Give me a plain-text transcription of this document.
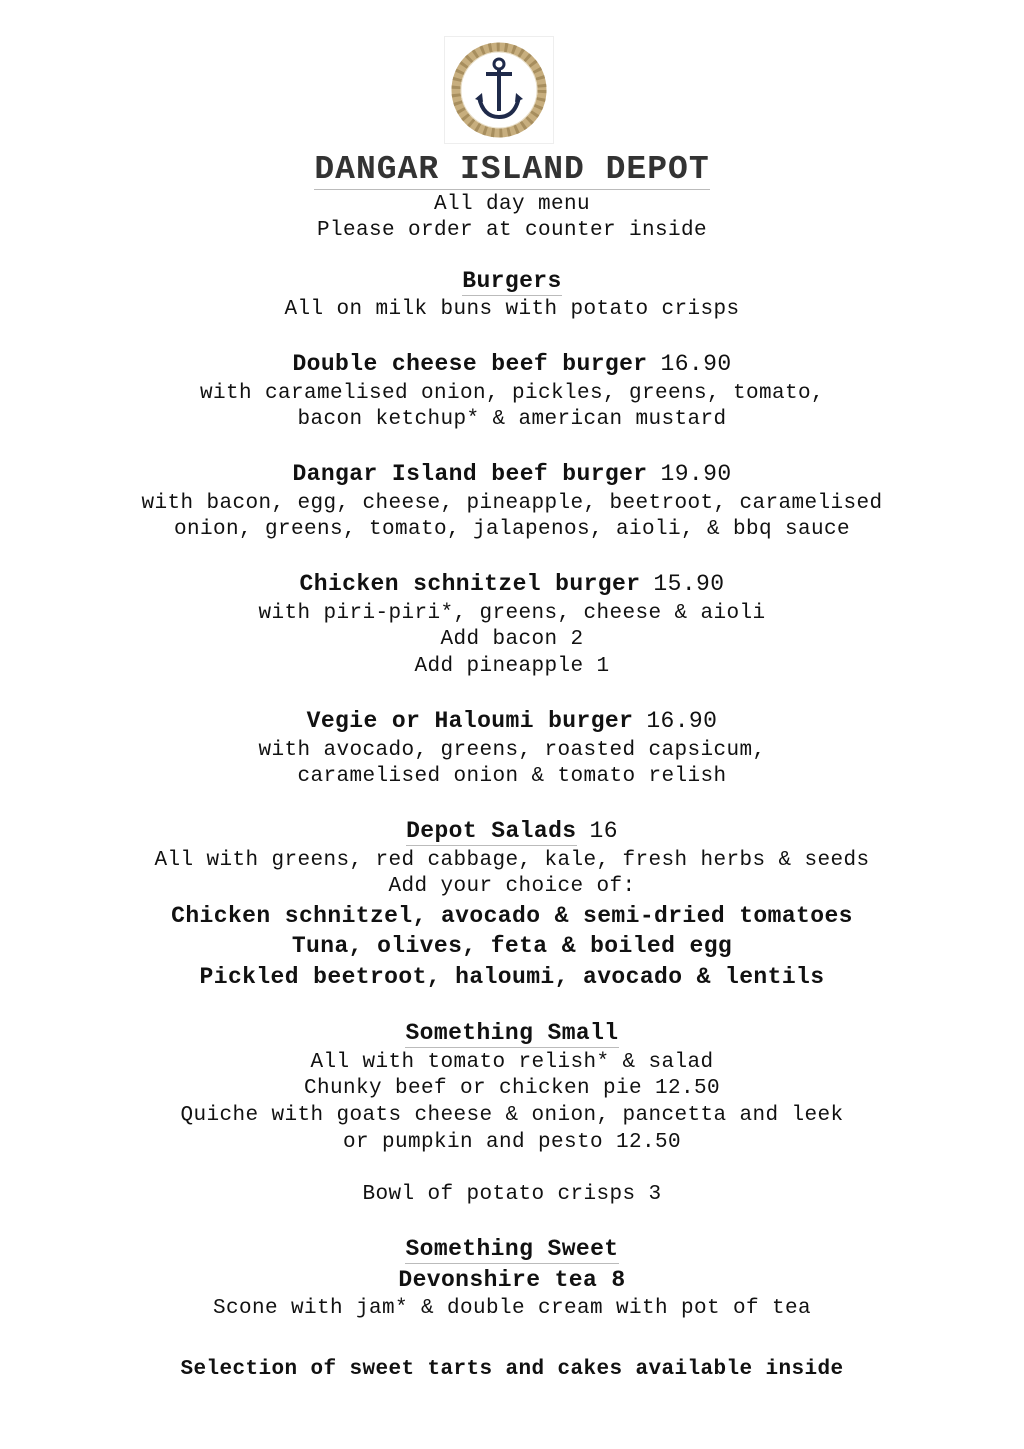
DANGAR ISLAND DEPOT
All day menu
Please order at counter inside
Burgers
All on milk buns with potato crisps
Double cheese beef burger 16.90
with caramelised onion, pickles, greens, tomato,
bacon ketchup* & american mustard
Dangar Island beef burger 19.90
with bacon, egg, cheese, pineapple, beetroot, caramelised
onion, greens, tomato, jalapenos, aioli, & bbq sauce
Chicken schnitzel burger 15.90
with piri-piri*, greens, cheese & aioli
Add bacon 2
Add pineapple 1
Vegie or Haloumi burger 16.90
with avocado, greens, roasted capsicum,
caramelised onion & tomato relish
Depot Salads 16
All with greens, red cabbage, kale, fresh herbs & seeds
Add your choice of:
Chicken schnitzel, avocado & semi-dried tomatoes
Tuna, olives, feta & boiled egg
Pickled beetroot, haloumi, avocado & lentils
Something Small
All with tomato relish* & salad
Chunky beef or chicken pie 12.50
Quiche with goats cheese & onion, pancetta and leek
or pumpkin and pesto 12.50
Bowl of potato crisps 3
Something Sweet
Devonshire tea 8
Scone with jam* & double cream with pot of tea
Selection of sweet tarts and cakes available inside
